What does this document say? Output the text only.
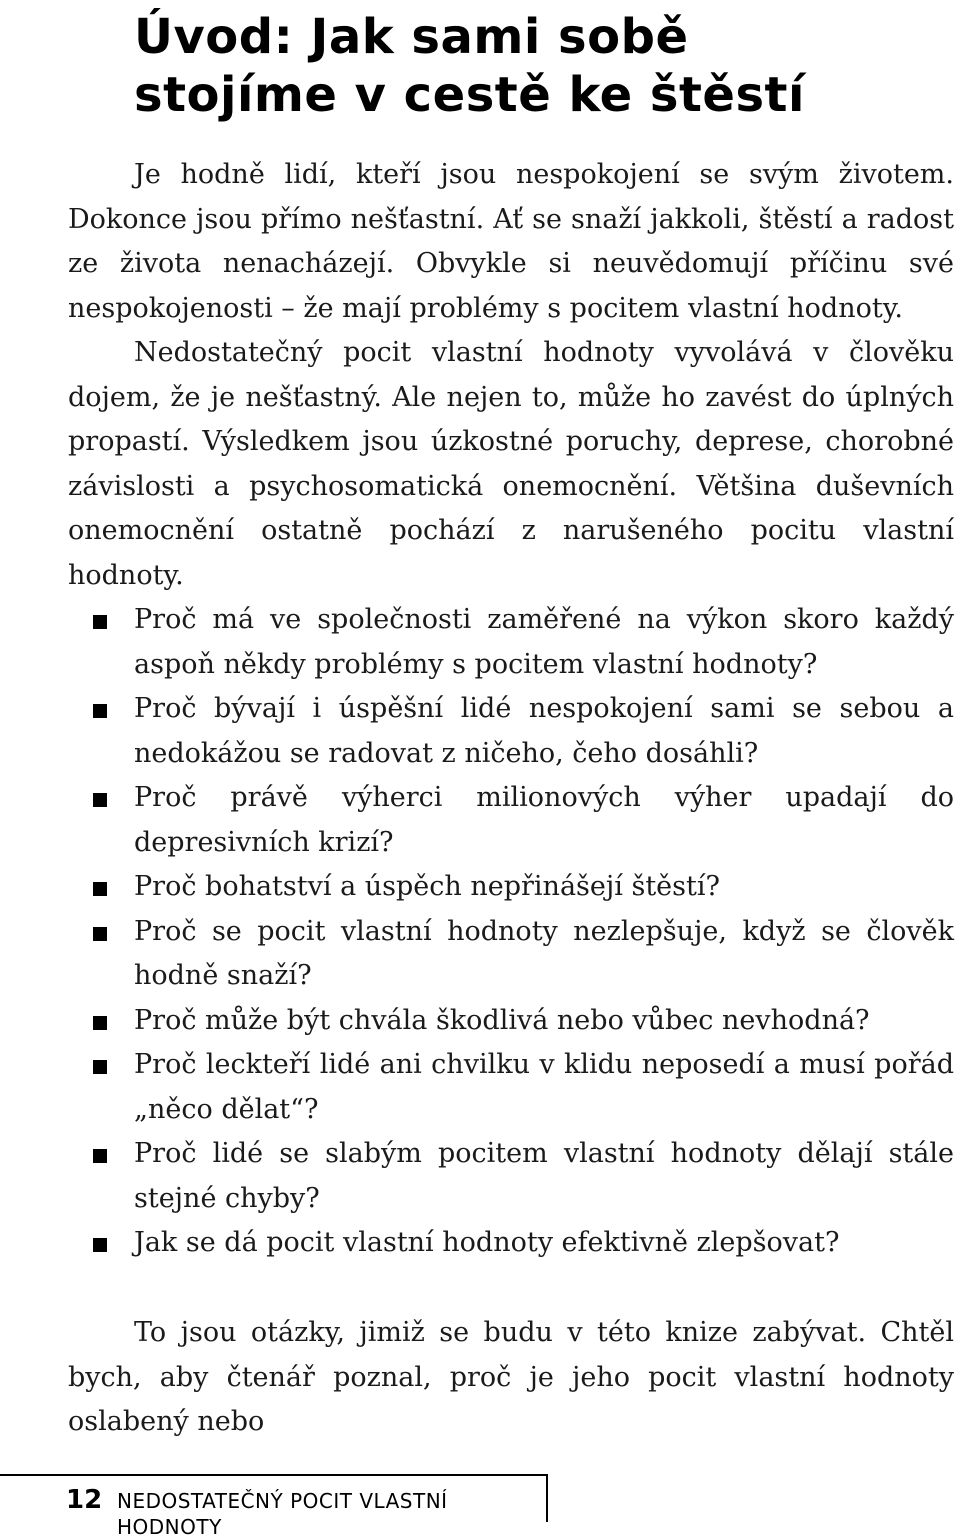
Úvod: Jak sami sobě
stojíme v cestě ke štěstí

Je hodně lidí, kteří jsou nespokojení se svým životem. Dokonce jsou přímo nešťastní. Ať se snaží jakkoli, štěstí a radost ze života nenacházejí. Obvykle si neuvědomují příčinu své nespokojenosti – že mají problémy s pocitem vlastní hodnoty.

Nedostatečný pocit vlastní hodnoty vyvolává v člověku dojem, že je nešťastný. Ale nejen to, může ho zavést do úplných propastí. Výsledkem jsou úzkostné poruchy, deprese, chorobné závislosti a psychosomatická onemocnění. Většina duševních onemocnění ostatně pochází z narušeného pocitu vlastní hodnoty.

Proč má ve společnosti zaměřené na výkon skoro každý aspoň někdy problémy s pocitem vlastní hodnoty?
Proč bývají i úspěšní lidé nespokojení sami se sebou a nedokážou se radovat z ničeho, čeho dosáhli?
Proč právě výherci milionových výher upadají do depresivních krizí?
Proč bohatství a úspěch nepřinášejí štěstí?
Proč se pocit vlastní hodnoty nezlepšuje, když se člověk hodně snaží?
Proč může být chvála škodlivá nebo vůbec nevhodná?
Proč leckteří lidé ani chvilku v klidu neposedí a musí pořád „něco dělat“?
Proč lidé se slabým pocitem vlastní hodnoty dělají stále stejné chyby?
Jak se dá pocit vlastní hodnoty efektivně zlepšovat?

To jsou otázky, jimiž se budu v této knize zabývat. Chtěl bych, aby čtenář poznal, proč je jeho pocit vlastní hodnoty oslabený nebo

12 NEDOSTATEČNÝ POCIT VLASTNÍ HODNOTY
